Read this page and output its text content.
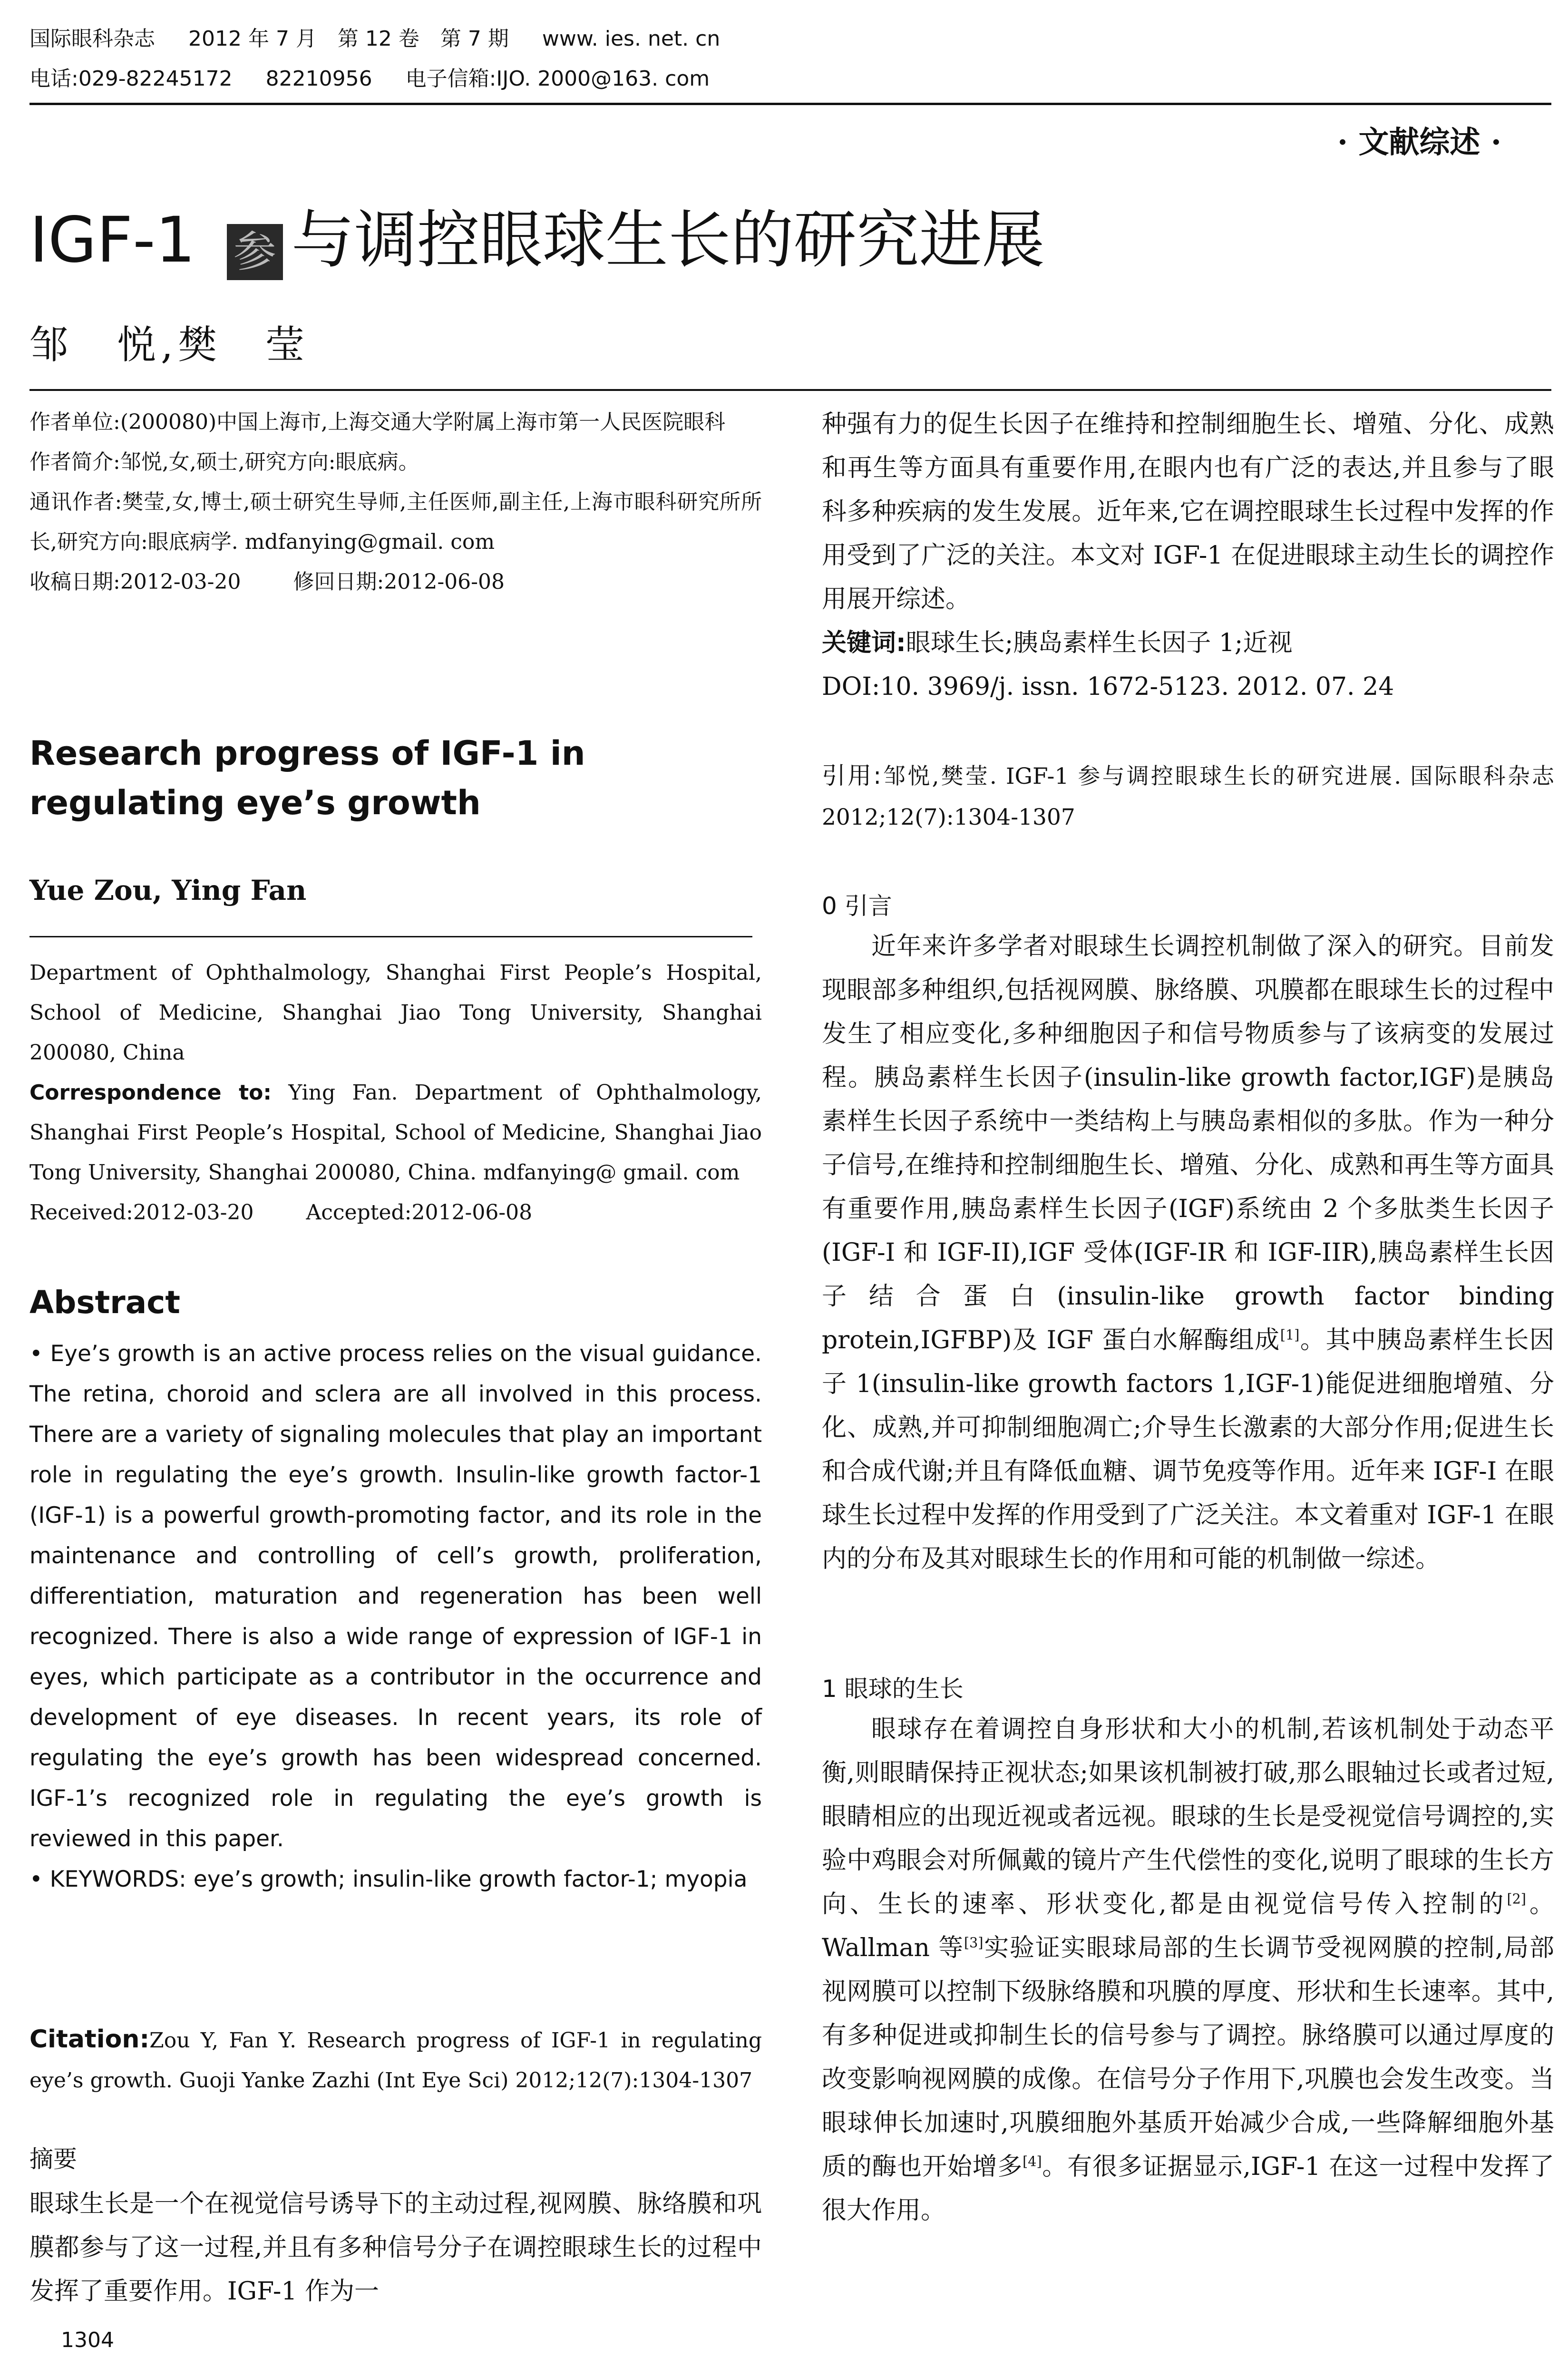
国际眼科杂志 2012 年 7 月　第 12 卷　第 7 期 www. ies. net. cn
电话:029-82245172 82210956 电子信箱:IJO. 2000@163. com
· 文献综述 ·
IGF-1 参 与调控眼球生长的研究进展
邹　悦,樊　莹
作者单位:(200080)中国上海市,上海交通大学附属上海市第一人民医院眼科
作者简介:邹悦,女,硕士,研究方向:眼底病。
通讯作者:樊莹,女,博士,硕士研究生导师,主任医师,副主任,上海市眼科研究所所长,研究方向:眼底病学. mdfanying@gmail. com
收稿日期:2012-03-20	修回日期:2012-06-08
Research progress of IGF-1 in regulating eye’s growth
Yue Zou, Ying Fan
Department of Ophthalmology, Shanghai First People’s Hospital, School of Medicine, Shanghai Jiao Tong University, Shanghai 200080, China
Correspondence to: Ying Fan. Department of Ophthalmology, Shanghai First People’s Hospital, School of Medicine, Shanghai Jiao Tong University, Shanghai 200080, China. mdfanying@ gmail. com
Received:2012-03-20	Accepted:2012-06-08
Abstract
• Eye’s growth is an active process relies on the visual guidance. The retina, choroid and sclera are all involved in this process. There are a variety of signaling molecules that play an important role in regulating the eye’s growth. Insulin-like growth factor-1 (IGF-1) is a powerful growth-promoting factor, and its role in the maintenance and controlling of cell’s growth, proliferation, differentiation, maturation and regeneration has been well recognized. There is also a wide range of expression of IGF-1 in eyes, which participate as a contributor in the occurrence and development of eye diseases. In recent years, its role of regulating the eye’s growth has been widespread concerned. IGF-1’s recognized role in regulating the eye’s growth is reviewed in this paper.
• KEYWORDS: eye’s growth; insulin-like growth factor-1; myopia
Citation:Zou Y, Fan Y. Research progress of IGF-1 in regulating eye’s growth. Guoji Yanke Zazhi (Int Eye Sci) 2012;12(7):1304-1307
摘要
眼球生长是一个在视觉信号诱导下的主动过程,视网膜、脉络膜和巩膜都参与了这一过程,并且有多种信号分子在调控眼球生长的过程中发挥了重要作用。IGF-1 作为一
1304
种强有力的促生长因子在维持和控制细胞生长、增殖、分化、成熟和再生等方面具有重要作用,在眼内也有广泛的表达,并且参与了眼科多种疾病的发生发展。近年来,它在调控眼球生长过程中发挥的作用受到了广泛的关注。本文对 IGF-1 在促进眼球主动生长的调控作用展开综述。
关键词:眼球生长;胰岛素样生长因子 1;近视
DOI:10. 3969/j. issn. 1672-5123. 2012. 07. 24
引用:邹悦,樊莹. IGF-1 参与调控眼球生长的研究进展. 国际眼科杂志 2012;12(7):1304-1307
0 引言
近年来许多学者对眼球生长调控机制做了深入的研究。目前发现眼部多种组织,包括视网膜、脉络膜、巩膜都在眼球生长的过程中发生了相应变化,多种细胞因子和信号物质参与了该病变的发展过程。胰岛素样生长因子(insulin-like growth factor,IGF)是胰岛素样生长因子系统中一类结构上与胰岛素相似的多肽。作为一种分子信号,在维持和控制细胞生长、增殖、分化、成熟和再生等方面具有重要作用,胰岛素样生长因子(IGF)系统由 2 个多肽类生长因子(IGF-I 和 IGF-II),IGF 受体(IGF-IR 和 IGF-IIR),胰岛素样生长因子结合蛋白(insulin-like growth factor binding protein,IGFBP)及 IGF 蛋白水解酶组成[1]。其中胰岛素样生长因子 1(insulin-like growth factors 1,IGF-1)能促进细胞增殖、分化、成熟,并可抑制细胞凋亡;介导生长激素的大部分作用;促进生长和合成代谢;并且有降低血糖、调节免疫等作用。近年来 IGF-I 在眼球生长过程中发挥的作用受到了广泛关注。本文着重对 IGF-1 在眼内的分布及其对眼球生长的作用和可能的机制做一综述。
1 眼球的生长
眼球存在着调控自身形状和大小的机制,若该机制处于动态平衡,则眼睛保持正视状态;如果该机制被打破,那么眼轴过长或者过短,眼睛相应的出现近视或者远视。眼球的生长是受视觉信号调控的,实验中鸡眼会对所佩戴的镜片产生代偿性的变化,说明了眼球的生长方向、生长的速率、形状变化,都是由视觉信号传入控制的[2]。Wallman 等[3]实验证实眼球局部的生长调节受视网膜的控制,局部视网膜可以控制下级脉络膜和巩膜的厚度、形状和生长速率。其中,有多种促进或抑制生长的信号参与了调控。脉络膜可以通过厚度的改变影响视网膜的成像。在信号分子作用下,巩膜也会发生改变。当眼球伸长加速时,巩膜细胞外基质开始减少合成,一些降解细胞外基质的酶也开始增多[4]。有很多证据显示,IGF-1 在这一过程中发挥了很大作用。
